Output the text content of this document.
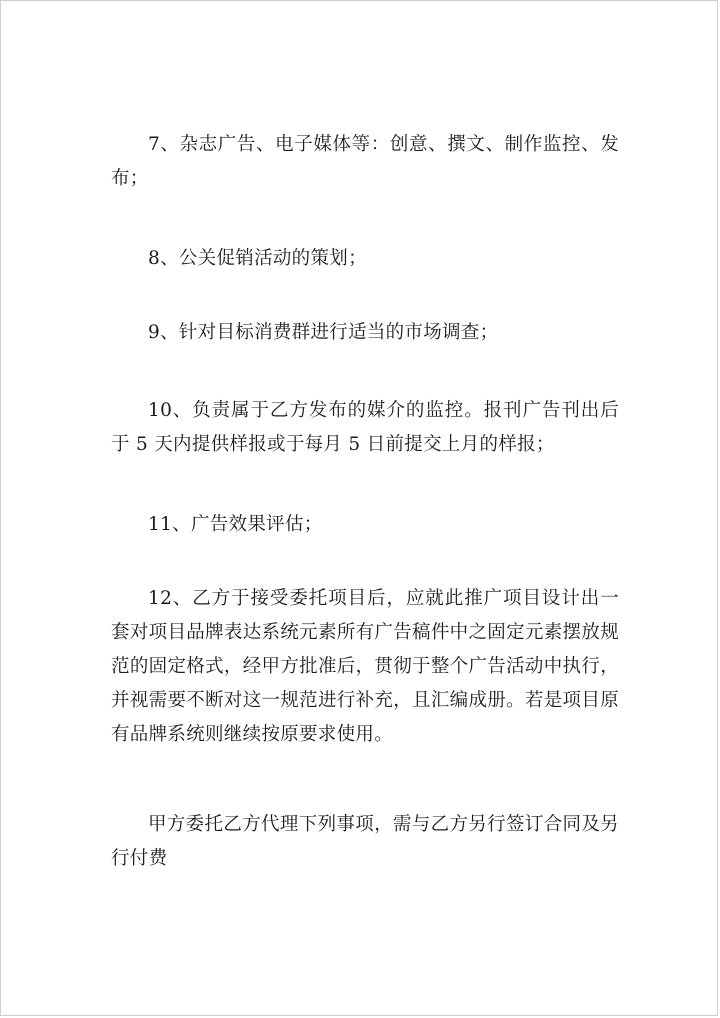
7、杂志广告、电子媒体等：创意、撰文、制作监控、发布；

8、公关促销活动的策划；

9、针对目标消费群进行适当的市场调查；

10、负责属于乙方发布的媒介的监控。报刊广告刊出后于 5 天内提供样报或于每月 5 日前提交上月的样报；

11、广告效果评估；

12、乙方于接受委托项目后，应就此推广项目设计出一套对项目品牌表达系统元素所有广告稿件中之固定元素摆放规范的固定格式，经甲方批准后，贯彻于整个广告活动中执行，并视需要不断对这一规范进行补充，且汇编成册。若是项目原有品牌系统则继续按原要求使用。

甲方委托乙方代理下列事项，需与乙方另行签订合同及另行付费
